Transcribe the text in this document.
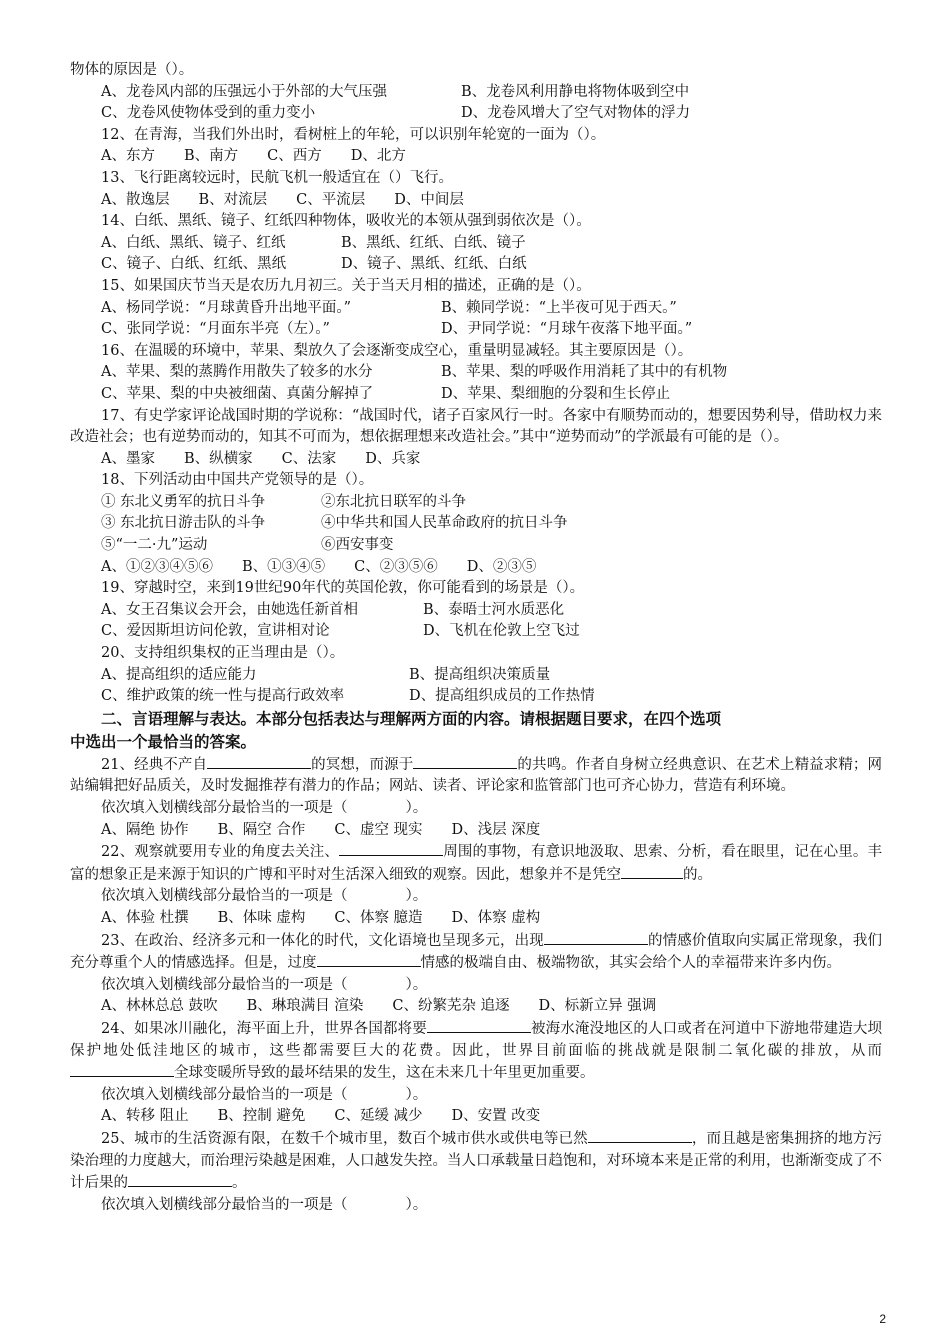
物体的原因是（）。
A、龙卷风内部的压强远小于外部的大气压强	B、龙卷风利用静电将物体吸到空中
C、龙卷风使物体受到的重力变小	D、龙卷风增大了空气对物体的浮力
12、在青海，当我们外出时，看树桩上的年轮，可以识别年轮宽的一面为（）。
A、东方　　B、南方　　C、西方　　D、北方
13、飞行距离较远时，民航飞机一般适宜在（）飞行。
A、散逸层　　B、对流层　　C、平流层　　D、中间层
14、白纸、黑纸、镜子、红纸四种物体，吸收光的本领从强到弱依次是（）。
A、白纸、黑纸、镜子、红纸	B、黑纸、红纸、白纸、镜子
C、镜子、白纸、红纸、黑纸	D、镜子、黑纸、红纸、白纸
15、如果国庆节当天是农历九月初三。关于当天月相的描述，正确的是（）。
A、杨同学说：“月球黄昏升出地平面。”	B、赖同学说：“上半夜可见于西天。”
C、张同学说：“月面东半亮（左）。”	D、尹同学说：“月球午夜落下地平面。”
16、在温暖的环境中，苹果、梨放久了会逐渐变成空心，重量明显减轻。其主要原因是（）。
A、苹果、梨的蒸腾作用散失了较多的水分	B、苹果、梨的呼吸作用消耗了其中的有机物
C、苹果、梨的中央被细菌、真菌分解掉了	D、苹果、梨细胞的分裂和生长停止
17、有史学家评论战国时期的学说称：“战国时代，诸子百家风行一时。各家中有顺势而动的，想要因势利导，借助权力来改造社会；也有逆势而动的，知其不可而为，想依据理想来改造社会。”其中“逆势而动”的学派最有可能的是（）。
A、墨家　　B、纵横家　　C、法家　　D、兵家
18、下列活动由中国共产党领导的是（）。
① 东北义勇军的抗日斗争	②东北抗日联军的斗争
③ 东北抗日游击队的斗争	④中华共和国人民革命政府的抗日斗争
⑤“一二·九”运动	⑥西安事变
A、①②③④⑤⑥　　B、①③④⑤　　C、②③⑤⑥　　D、②③⑤
19、穿越时空，来到19世纪90年代的英国伦敦，你可能看到的场景是（）。
A、女王召集议会开会，由她选任新首相	B、泰晤士河水质恶化
C、爱因斯坦访问伦敦，宣讲相对论	D、飞机在伦敦上空飞过
20、支持组织集权的正当理由是（）。
A、提高组织的适应能力	B、提高组织决策质量
C、维护政策的统一性与提高行政效率	D、提高组织成员的工作热情
二、言语理解与表达。本部分包括表达与理解两方面的内容。请根据题目要求，在四个选项
中选出一个最恰当的答案。
21、经典不产自	的冥想，而源于	的共鸣。作者自身树立经典意识、在艺术上精益求精；网站编辑把好品质关，及时发掘推荐有潜力的作品；网站、读者、评论家和监管部门也可齐心协力，营造有利环境。
依次填入划横线部分最恰当的一项是（　　　　）。
A、隔绝 协作　　B、隔空 合作　　C、虚空 现实　　D、浅层 深度
22、观察就要用专业的角度去关注、	周围的事物，有意识地汲取、思索、分析，看在眼里，记在心里。丰富的想象正是来源于知识的广博和平时对生活深入细致的观察。因此，想象并不是凭空	的。
依次填入划横线部分最恰当的一项是（　　　　）。
A、体验 杜撰　　B、体味 虚构　　C、体察 臆造　　D、体察 虚构
23、在政治、经济多元和一体化的时代，文化语境也呈现多元，出现	的情感价值取向实属正常现象，我们充分尊重个人的情感选择。但是，过度	情感的极端自由、极端物欲，其实会给个人的幸福带来许多内伤。
依次填入划横线部分最恰当的一项是（　　　　）。
A、林林总总 鼓吹　　B、琳琅满目 渲染　　C、纷繁芜杂 追逐　　D、标新立异 强调
24、如果冰川融化，海平面上升，世界各国都将要	被海水淹没地区的人口或者在河道中下游地带建造大坝保护地处低洼地区的城市，这些都需要巨大的花费。因此，世界目前面临的挑战就是限制二氧化碳的排放，从而全球变暖所导致的最坏结果的发生，这在未来几十年里更加重要。
依次填入划横线部分最恰当的一项是（　　　　）。
A、转移 阻止　　B、控制 避免　　C、延缓 减少　　D、安置 改变
25、城市的生活资源有限，在数千个城市里，数百个城市供水或供电等已然	，而且越是密集拥挤的地方污染治理的力度越大，而治理污染越是困难，人口越发失控。当人口承载量日趋饱和，对环境本来是正常的利用，也渐渐变成了不计后果的	。
依次填入划横线部分最恰当的一项是（　　　　）。
2
